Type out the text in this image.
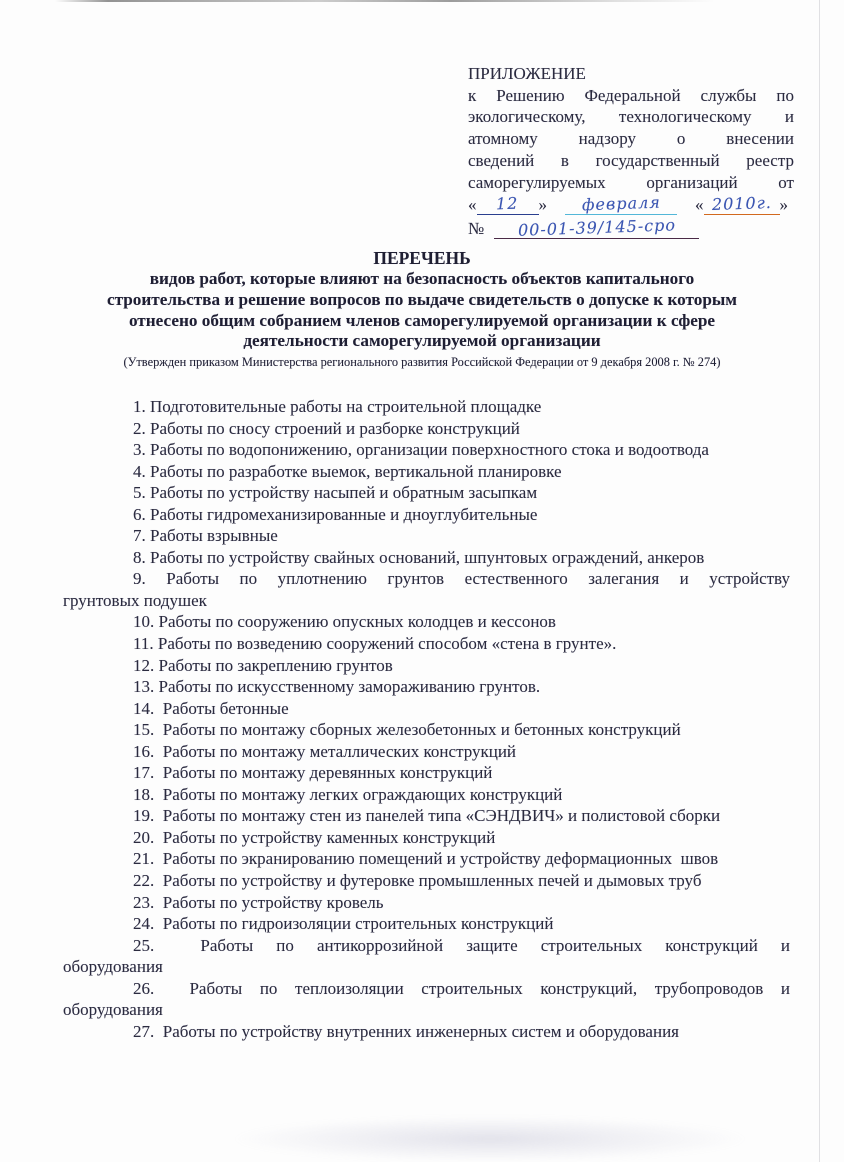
ПРИЛОЖЕНИЕ
к Решению Федеральной службы по
экологическому, технологическому и
атомному надзору о внесении
сведений в государственный реестр
саморегулируемых организаций от
« 12 » февраля « 2010г. »
№ 00-01-39/145-сро
ПЕРЕЧЕНЬ
видов работ, которые влияют на безопасность объектов капитального
строительства и решение вопросов по выдаче свидетельств о допуске к которым
отнесено общим собранием членов саморегулируемой организации к сфере
деятельности саморегулируемой организации
(Утвержден приказом Министерства регионального развития Российской Федерации от 9 декабря 2008 г. № 274)
1. Подготовительные работы на строительной площадке
2. Работы по сносу строений и разборке конструкций
3. Работы по водопонижению, организации поверхностного стока и водоотвода
4. Работы по разработке выемок, вертикальной планировке
5. Работы по устройству насыпей и обратным засыпкам
6. Работы гидромеханизированные и дноуглубительные
7. Работы взрывные
8. Работы по устройству свайных оснований, шпунтовых ограждений, анкеров
9. Работы по уплотнению грунтов естественного залегания и устройству
грунтовых подушек
10. Работы по сооружению опускных колодцев и кессонов
11. Работы по возведению сооружений способом «стена в грунте».
12. Работы по закреплению грунтов
13. Работы по искусственному замораживанию грунтов.
14.  Работы бетонные
15.  Работы по монтажу сборных железобетонных и бетонных конструкций
16.  Работы по монтажу металлических конструкций
17.  Работы по монтажу деревянных конструкций
18.  Работы по монтажу легких ограждающих конструкций
19.  Работы по монтажу стен из панелей типа «СЭНДВИЧ» и полистовой сборки
20.  Работы по устройству каменных конструкций
21.  Работы по экранированию помещений и устройству деформационных  швов
22.  Работы по устройству и футеровке промышленных печей и дымовых труб
23.  Работы по устройству кровель
24.  Работы по гидроизоляции строительных конструкций
25.  Работы по антикоррозийной защите строительных конструкций и
оборудования
26.  Работы по теплоизоляции строительных конструкций, трубопроводов и
оборудования
27.  Работы по устройству внутренних инженерных систем и оборудования
